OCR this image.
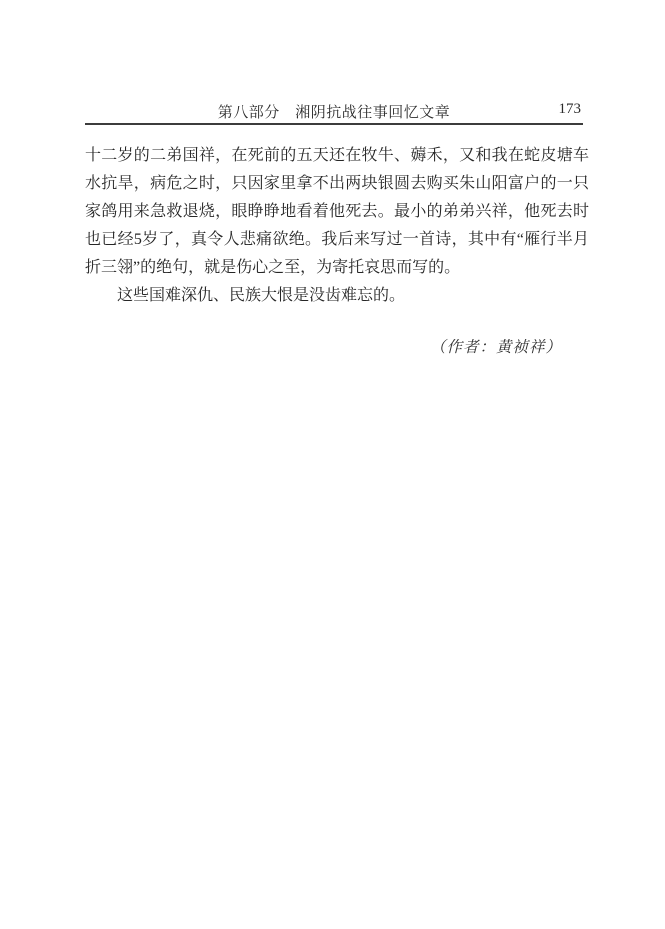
第八部分　湘阴抗战往事回忆文章	173

十二岁的二弟国祥，在死前的五天还在牧牛、薅禾，又和我在蛇皮塘车水抗旱，病危之时，只因家里拿不出两块银圆去购买朱山阳富户的一只家鸽用来急救退烧，眼睁睁地看着他死去。最小的弟弟兴祥，他死去时也已经5岁了，真令人悲痛欲绝。我后来写过一首诗，其中有“雁行半月折三翎”的绝句，就是伤心之至，为寄托哀思而写的。

这些国难深仇、民族大恨是没齿难忘的。

（作者：黄祯祥）
